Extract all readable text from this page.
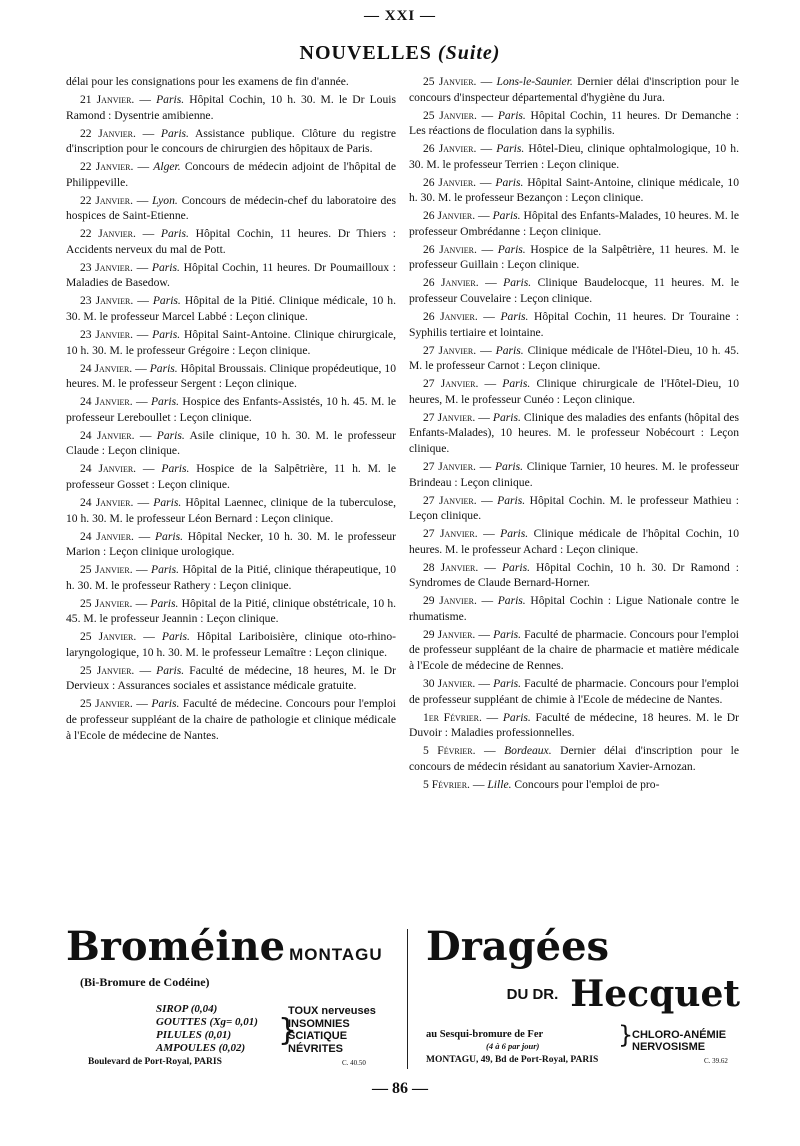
— XXI —
NOUVELLES (Suite)

délai pour les consignations pour les examens de fin d'année.

21 Janvier. — Paris. Hôpital Cochin, 10 h. 30. M. le Dr Louis Ramond : Dysentrie amibienne.

22 Janvier. — Paris. Assistance publique. Clôture du registre d'inscription pour le concours de chirurgien des hôpitaux de Paris.

22 Janvier. — Alger. Concours de médecin adjoint de l'hôpital de Philippeville.

22 Janvier. — Lyon. Concours de médecin-chef du laboratoire des hospices de Saint-Etienne.

22 Janvier. — Paris. Hôpital Cochin, 11 heures. Dr Thiers : Accidents nerveux du mal de Pott.

23 Janvier. — Paris. Hôpital Cochin, 11 heures. Dr Poumailloux : Maladies de Basedow.

23 Janvier. — Paris. Hôpital de la Pitié. Clinique médicale, 10 h. 30. M. le professeur Marcel Labbé : Leçon clinique.

23 Janvier. — Paris. Hôpital Saint-Antoine. Clinique chirurgicale, 10 h. 30. M. le professeur Grégoire : Leçon clinique.

24 Janvier. — Paris. Hôpital Broussais. Clinique propédeutique, 10 heures. M. le professeur Sergent : Leçon clinique.

24 Janvier. — Paris. Hospice des Enfants-Assistés, 10 h. 45. M. le professeur Lereboullet : Leçon clinique.

24 Janvier. — Paris. Asile clinique, 10 h. 30. M. le professeur Claude : Leçon clinique.

24 Janvier. — Paris. Hospice de la Salpêtrière, 11 h. M. le professeur Gosset : Leçon clinique.

24 Janvier. — Paris. Hôpital Laennec, clinique de la tuberculose, 10 h. 30. M. le professeur Léon Bernard : Leçon clinique.

24 Janvier. — Paris. Hôpital Necker, 10 h. 30. M. le professeur Marion : Leçon clinique urologique.

25 Janvier. — Paris. Hôpital de la Pitié, clinique thérapeutique, 10 h. 30. M. le professeur Rathery : Leçon clinique.

25 Janvier. — Paris. Hôpital de la Pitié, clinique obstétricale, 10 h. 45. M. le professeur Jeannin : Leçon clinique.

25 Janvier. — Paris. Hôpital Lariboisière, clinique oto-rhino-laryngologique, 10 h. 30. M. le professeur Lemaître : Leçon clinique.

25 Janvier. — Paris. Faculté de médecine, 18 heures, M. le Dr Dervieux : Assurances sociales et assistance médicale gratuite.

25 Janvier. — Paris. Faculté de médecine. Concours pour l'emploi de professeur suppléant de la chaire de pathologie et clinique médicale à l'Ecole de médecine de Nantes.

25 Janvier. — Lons-le-Saunier. Dernier délai d'inscription pour le concours d'inspecteur départemental d'hygiène du Jura.

25 Janvier. — Paris. Hôpital Cochin, 11 heures. Dr Demanche : Les réactions de floculation dans la syphilis.

26 Janvier. — Paris. Hôtel-Dieu, clinique ophtalmologique, 10 h. 30. M. le professeur Terrien : Leçon clinique.

26 Janvier. — Paris. Hôpital Saint-Antoine, clinique médicale, 10 h. 30. M. le professeur Bezançon : Leçon clinique.

26 Janvier. — Paris. Hôpital des Enfants-Malades, 10 heures. M. le professeur Ombrédanne : Leçon clinique.

26 Janvier. — Paris. Hospice de la Salpêtrière, 11 heures. M. le professeur Guillain : Leçon clinique.

26 Janvier. — Paris. Clinique Baudelocque, 11 heures. M. le professeur Couvelaire : Leçon clinique.

26 Janvier. — Paris. Hôpital Cochin, 11 heures. Dr Touraine : Syphilis tertiaire et lointaine.

27 Janvier. — Paris. Clinique médicale de l'Hôtel-Dieu, 10 h. 45. M. le professeur Carnot : Leçon clinique.

27 Janvier. — Paris. Clinique chirurgicale de l'Hôtel-Dieu, 10 heures, M. le professeur Cunéo : Leçon clinique.

27 Janvier. — Paris. Clinique des maladies des enfants (hôpital des Enfants-Malades), 10 heures. M. le professeur Nobécourt : Leçon clinique.

27 Janvier. — Paris. Clinique Tarnier, 10 heures. M. le professeur Brindeau : Leçon clinique.

27 Janvier. — Paris. Hôpital Cochin. M. le professeur Mathieu : Leçon clinique.

27 Janvier. — Paris. Clinique médicale de l'hôpital Cochin, 10 heures. M. le professeur Achard : Leçon clinique.

28 Janvier. — Paris. Hôpital Cochin, 10 h. 30. Dr Ramond : Syndromes de Claude Bernard-Horner.

29 Janvier. — Paris. Hôpital Cochin : Ligue Nationale contre le rhumatisme.

29 Janvier. — Paris. Faculté de pharmacie. Concours pour l'emploi de professeur suppléant de la chaire de pharmacie et matière médicale à l'Ecole de médecine de Rennes.

30 Janvier. — Paris. Faculté de pharmacie. Concours pour l'emploi de professeur suppléant de chimie à l'Ecole de médecine de Nantes.

1er Février. — Paris. Faculté de médecine, 18 heures. M. le Dr Duvoir : Maladies professionnelles.

5 Février. — Bordeaux. Dernier délai d'inscription pour le concours de médecin résidant au sanatorium Xavier-Arnozan.

5 Février. — Lille. Concours pour l'emploi de pro-

Broméine MONTAGU
(Bi-Bromure de Codéine)
SIROP (0,04)
GOUTTES (Xg= 0,01)
PILULES (0,01)
AMPOULES (0,02)	}
TOUX nerveuses
INSOMNIES
SCIATIQUE
NÉVRITES
Boulevard de Port-Royal, PARIS	C. 40.50
Dragées
DU DR. Hecquet
au Sesqui-bromure de Fer
(4 à 6 par jour)	}
CHLORO-ANÉMIE
NERVOSISME
MONTAGU, 49, Bd de Port-Royal, PARIS	C. 39.62
— 86 —
